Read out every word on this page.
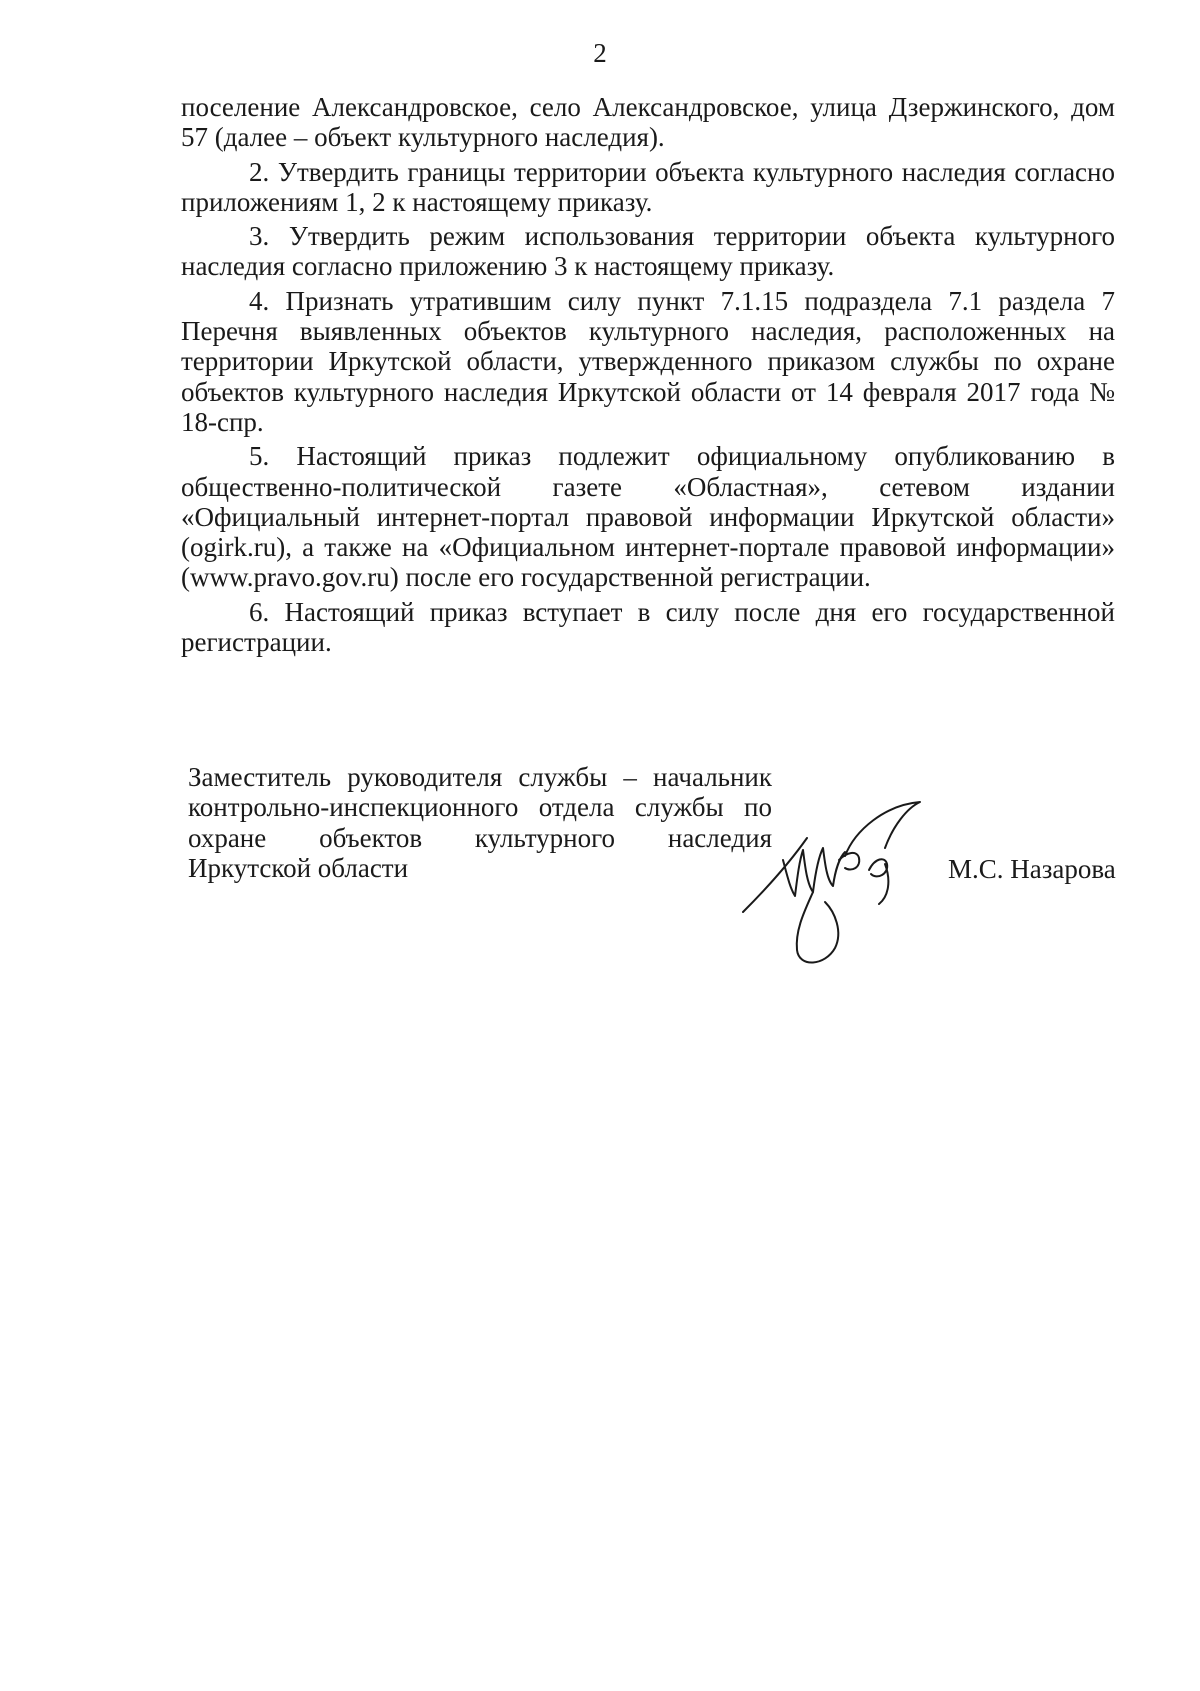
2

поселение Александровское, село Александровское, улица Дзержинского, дом 57 (далее – объект культурного наследия).

2. Утвердить границы территории объекта культурного наследия согласно приложениям 1, 2 к настоящему приказу.

3. Утвердить режим использования территории объекта культурного наследия согласно приложению 3 к настоящему приказу.

4. Признать утратившим силу пункт 7.1.15 подраздела 7.1 раздела 7 Перечня выявленных объектов культурного наследия, расположенных на территории Иркутской области, утвержденного приказом службы по охране объектов культурного наследия Иркутской области от 14 февраля 2017 года № 18-спр.

5. Настоящий приказ подлежит официальному опубликованию в общественно-политической газете «Областная», сетевом издании «Официальный интернет-портал правовой информации Иркутской области» (ogirk.ru), а также на «Официальном интернет-портале правовой информации» (www.pravo.gov.ru) после его государственной регистрации.

6. Настоящий приказ вступает в силу после дня его государственной регистрации.

Заместитель руководителя службы – начальник
контрольно-инспекционного отдела службы по
охране объектов культурного наследия
Иркутской области	М.С. Назарова
